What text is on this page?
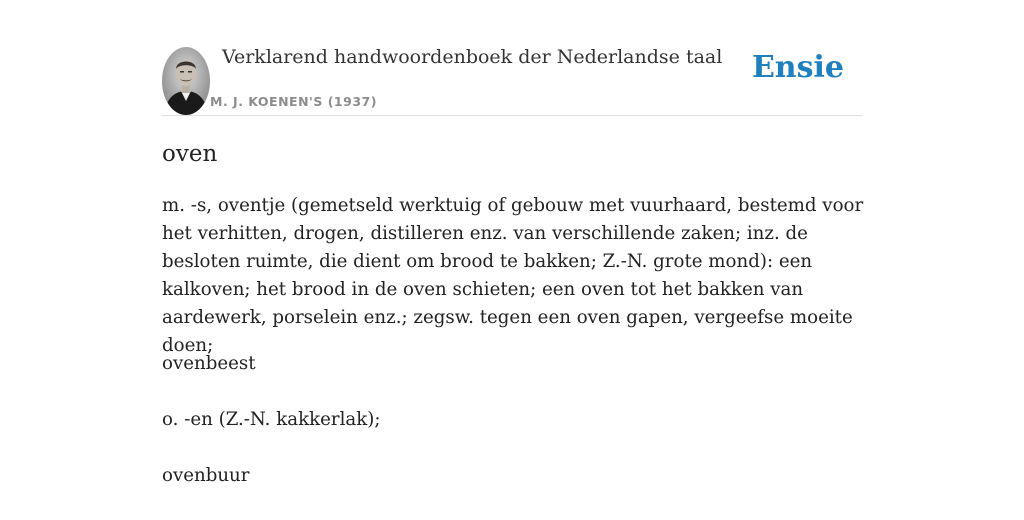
Verklarend handwoordenboek der Nederlandse taal
M. J. KOENEN'S (1937)
Ensie
oven

m. -s, oventje (gemetseld werktuig of gebouw met vuurhaard, bestemd voor het verhitten, drogen, distilleren enz. van verschillende zaken; inz. de besloten ruimte, die dient om brood te bakken; Z.-N. grote mond): een kalkoven; het brood in de oven schieten; een oven tot het bakken van aardewerk, porselein enz.; zegsw. tegen een oven gapen, vergeefse moeite doen;

ovenbeest

o. -en (Z.-N. kakkerlak);

ovenbuur
